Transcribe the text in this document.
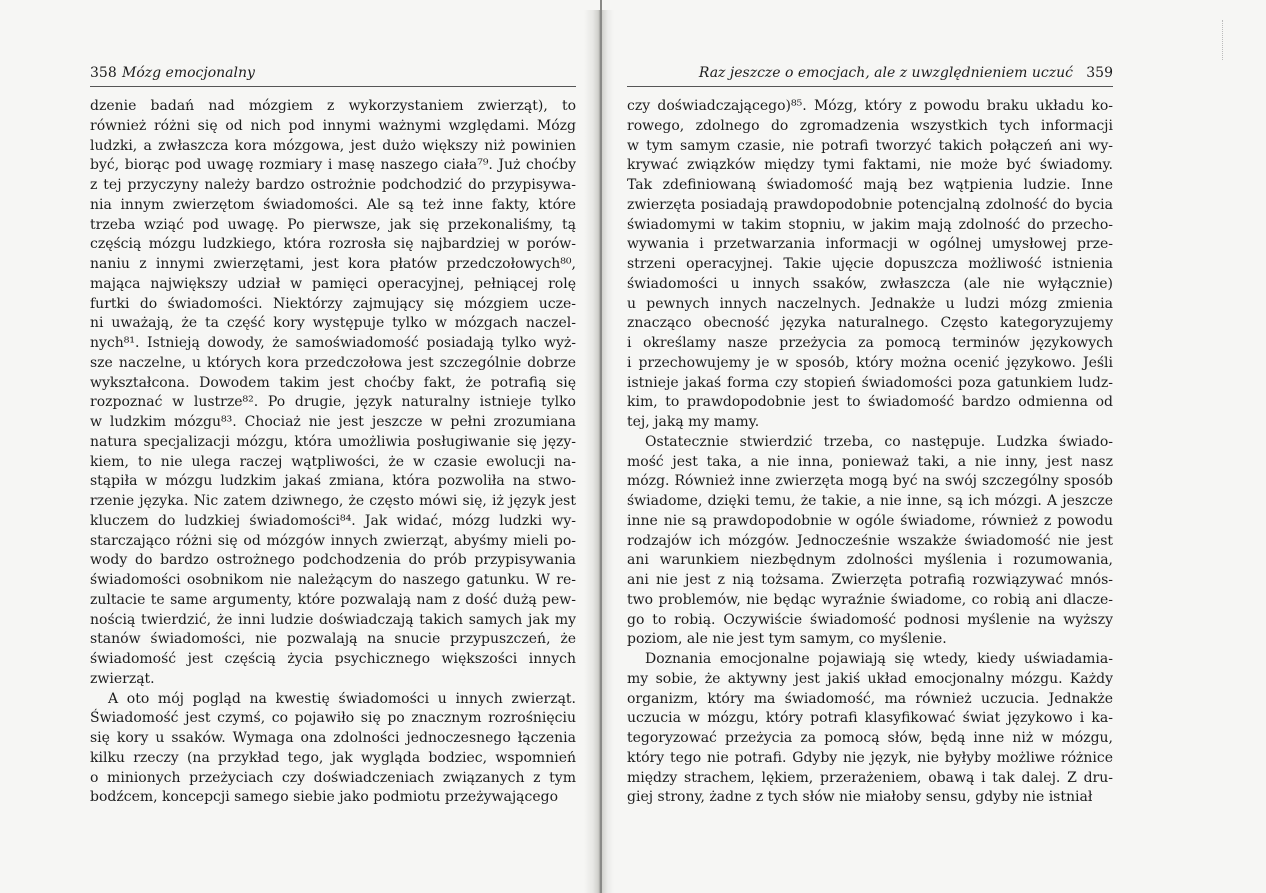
358 Mózg emocjonalny
dzenie badań nad mózgiem z wykorzystaniem zwierząt), to
również różni się od nich pod innymi ważnymi względami. Mózg
ludzki, a zwłaszcza kora mózgowa, jest dużo większy niż powinien
być, biorąc pod uwagę rozmiary i masę naszego ciała⁷⁹. Już choćby
z tej przyczyny należy bardzo ostrożnie podchodzić do przypisywa-
nia innym zwierzętom świadomości. Ale są też inne fakty, które
trzeba wziąć pod uwagę. Po pierwsze, jak się przekonaliśmy, tą
częścią mózgu ludzkiego, która rozrosła się najbardziej w porów-
naniu z innymi zwierzętami, jest kora płatów przedczołowych⁸⁰,
mająca największy udział w pamięci operacyjnej, pełniącej rolę
furtki do świadomości. Niektórzy zajmujący się mózgiem ucze-
ni uważają, że ta część kory występuje tylko w mózgach naczel-
nych⁸¹. Istnieją dowody, że samoświadomość posiadają tylko wyż-
sze naczelne, u których kora przedczołowa jest szczególnie dobrze
wykształcona. Dowodem takim jest choćby fakt, że potrafią się
rozpoznać w lustrze⁸². Po drugie, język naturalny istnieje tylko
w ludzkim mózgu⁸³. Chociaż nie jest jeszcze w pełni zrozumiana
natura specjalizacji mózgu, która umożliwia posługiwanie się języ-
kiem, to nie ulega raczej wątpliwości, że w czasie ewolucji na-
stąpiła w mózgu ludzkim jakaś zmiana, która pozwoliła na stwo-
rzenie języka. Nic zatem dziwnego, że często mówi się, iż język jest
kluczem do ludzkiej świadomości⁸⁴. Jak widać, mózg ludzki wy-
starczająco różni się od mózgów innych zwierząt, abyśmy mieli po-
wody do bardzo ostrożnego podchodzenia do prób przypisywania
świadomości osobnikom nie należącym do naszego gatunku. W re-
zultacie te same argumenty, które pozwalają nam z dość dużą pew-
nością twierdzić, że inni ludzie doświadczają takich samych jak my
stanów świadomości, nie pozwalają na snucie przypuszczeń, że
świadomość jest częścią życia psychicznego większości innych
zwierząt.
A oto mój pogląd na kwestię świadomości u innych zwierząt.
Świadomość jest czymś, co pojawiło się po znacznym rozrośnięciu
się kory u ssaków. Wymaga ona zdolności jednoczesnego łączenia
kilku rzeczy (na przykład tego, jak wygląda bodziec, wspomnień
o minionych przeżyciach czy doświadczeniach związanych z tym
bodźcem, koncepcji samego siebie jako podmiotu przeżywającego
Raz jeszcze o emocjach, ale z uwzględnieniem uczuć 359
czy doświadczającego)⁸⁵. Mózg, który z powodu braku układu ko-
rowego, zdolnego do zgromadzenia wszystkich tych informacji
w tym samym czasie, nie potrafi tworzyć takich połączeń ani wy-
krywać związków między tymi faktami, nie może być świadomy.
Tak zdefiniowaną świadomość mają bez wątpienia ludzie. Inne
zwierzęta posiadają prawdopodobnie potencjalną zdolność do bycia
świadomymi w takim stopniu, w jakim mają zdolność do przecho-
wywania i przetwarzania informacji w ogólnej umysłowej prze-
strzeni operacyjnej. Takie ujęcie dopuszcza możliwość istnienia
świadomości u innych ssaków, zwłaszcza (ale nie wyłącznie)
u pewnych innych naczelnych. Jednakże u ludzi mózg zmienia
znacząco obecność języka naturalnego. Często kategoryzujemy
i określamy nasze przeżycia za pomocą terminów językowych
i przechowujemy je w sposób, który można ocenić językowo. Jeśli
istnieje jakaś forma czy stopień świadomości poza gatunkiem ludz-
kim, to prawdopodobnie jest to świadomość bardzo odmienna od
tej, jaką my mamy.
Ostatecznie stwierdzić trzeba, co następuje. Ludzka świado-
mość jest taka, a nie inna, ponieważ taki, a nie inny, jest nasz
mózg. Również inne zwierzęta mogą być na swój szczególny sposób
świadome, dzięki temu, że takie, a nie inne, są ich mózgi. A jeszcze
inne nie są prawdopodobnie w ogóle świadome, również z powodu
rodzajów ich mózgów. Jednocześnie wszakże świadomość nie jest
ani warunkiem niezbędnym zdolności myślenia i rozumowania,
ani nie jest z nią tożsama. Zwierzęta potrafią rozwiązywać mnós-
two problemów, nie będąc wyraźnie świadome, co robią ani dlacze-
go to robią. Oczywiście świadomość podnosi myślenie na wyższy
poziom, ale nie jest tym samym, co myślenie.
Doznania emocjonalne pojawiają się wtedy, kiedy uświadamia-
my sobie, że aktywny jest jakiś układ emocjonalny mózgu. Każdy
organizm, który ma świadomość, ma również uczucia. Jednakże
uczucia w mózgu, który potrafi klasyfikować świat językowo i ka-
tegoryzować przeżycia za pomocą słów, będą inne niż w mózgu,
który tego nie potrafi. Gdyby nie język, nie byłyby możliwe różnice
między strachem, lękiem, przerażeniem, obawą i tak dalej. Z dru-
giej strony, żadne z tych słów nie miałoby sensu, gdyby nie istniał
